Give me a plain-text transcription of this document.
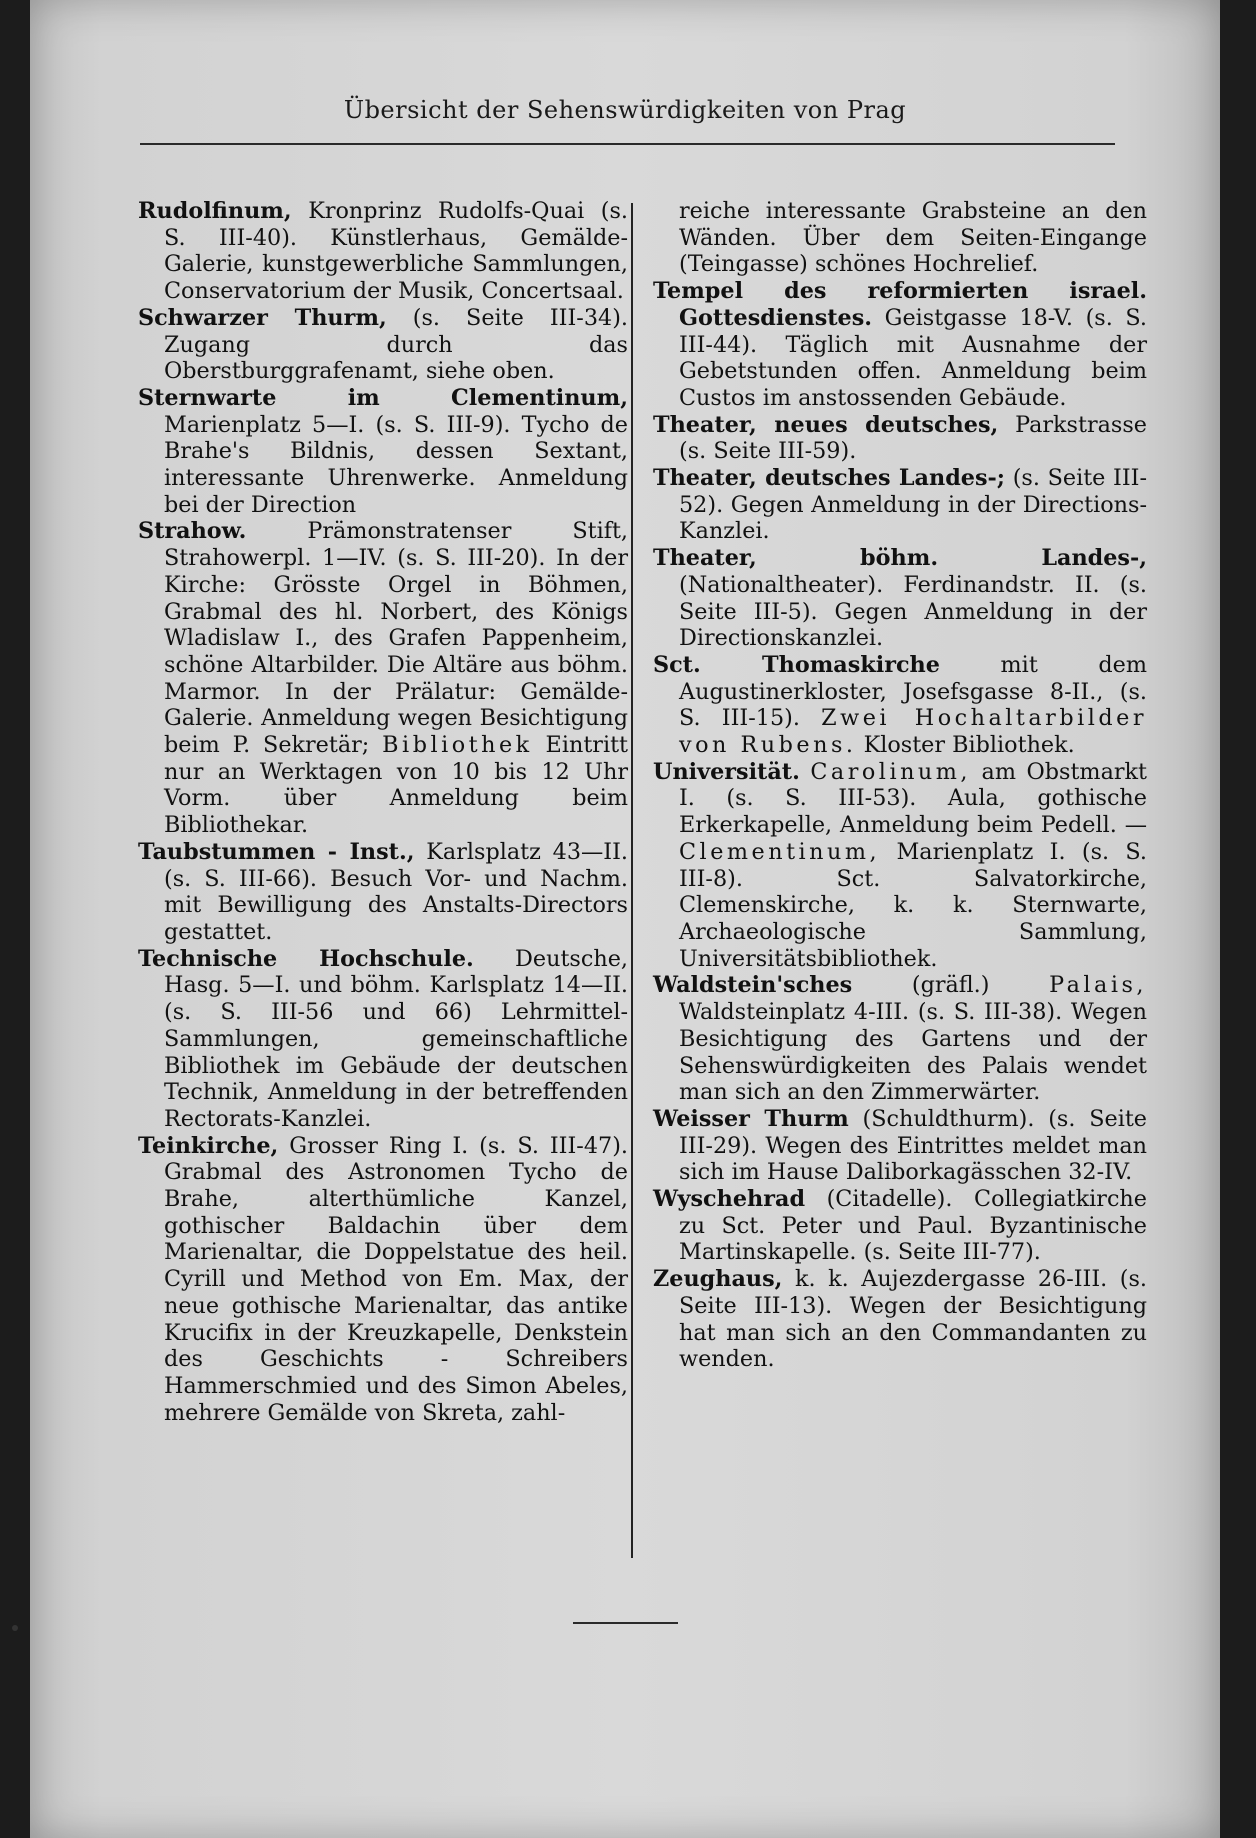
Übersicht der Sehenswürdigkeiten von Prag

Rudolfinum, Kronprinz Rudolfs-Quai (s. S. III-40). Künstlerhaus, Gemälde-Galerie, kunstgewerbliche Sammlungen, Conservatorium der Musik, Concertsaal.

Schwarzer Thurm, (s. Seite III-34). Zugang durch das Oberstburggrafenamt, siehe oben.

Sternwarte im Clementinum, Marienplatz 5—I. (s. S. III-9). Tycho de Brahe's Bildnis, dessen Sextant, interessante Uhrenwerke. Anmeldung bei der Direction

Strahow. Prämonstratenser Stift, Strahowerpl. 1—IV. (s. S. III-20). In der Kirche: Grösste Orgel in Böhmen, Grabmal des hl. Norbert, des Königs Wladislaw I., des Grafen Pappenheim, schöne Altarbilder. Die Altäre aus böhm. Marmor. In der Prälatur: Gemälde-Galerie. Anmeldung wegen Besichtigung beim P. Sekretär; Bibliothek Eintritt nur an Werktagen von 10 bis 12 Uhr Vorm. über Anmeldung beim Bibliothekar.

Taubstummen - Inst., Karlsplatz 43—II. (s. S. III-66). Besuch Vor- und Nachm. mit Bewilligung des Anstalts-Directors gestattet.

Technische Hochschule. Deutsche, Hasg. 5—I. und böhm. Karlsplatz 14—II. (s. S. III-56 und 66) Lehrmittel- Sammlungen, gemeinschaftliche Bibliothek im Gebäude der deutschen Technik, Anmeldung in der betreffenden Rectorats-Kanzlei.

Teinkirche, Grosser Ring I. (s. S. III-47). Grabmal des Astronomen Tycho de Brahe, alterthümliche Kanzel, gothischer Baldachin über dem Marienaltar, die Doppelstatue des heil. Cyrill und Method von Em. Max, der neue gothische Marienaltar, das antike Krucifix in der Kreuzkapelle, Denkstein des Geschichts - Schreibers Hammerschmied und des Simon Abeles, mehrere Gemälde von Skreta, zahl-

reiche interessante Grabsteine an den Wänden. Über dem Seiten-Eingange (Teingasse) schönes Hochrelief.

Tempel des reformierten israel. Gottesdienstes. Geistgasse 18-V. (s. S. III-44). Täglich mit Ausnahme der Gebetstunden offen. Anmeldung beim Custos im anstossenden Gebäude.

Theater, neues deutsches, Parkstrasse (s. Seite III-59).

Theater, deutsches Landes-; (s. Seite III-52). Gegen Anmeldung in der Directions-Kanzlei.

Theater, böhm. Landes-, (Nationaltheater). Ferdinandstr. II. (s. Seite III-5). Gegen Anmeldung in der Directionskanzlei.

Sct. Thomaskirche mit dem Augustinerkloster, Josefsgasse 8-II., (s. S. III-15). Zwei Hochaltarbilder von Rubens. Kloster Bibliothek.

Universität. Carolinum, am Obstmarkt I. (s. S. III-53). Aula, gothische Erkerkapelle, Anmeldung beim Pedell. — Clementinum, Marienplatz I. (s. S. III-8). Sct. Salvatorkirche, Clemenskirche, k. k. Sternwarte, Archaeologische Sammlung, Universitätsbibliothek.

Waldstein'sches (gräfl.) Palais, Waldsteinplatz 4-III. (s. S. III-38). Wegen Besichtigung des Gartens und der Sehenswürdigkeiten des Palais wendet man sich an den Zimmerwärter.

Weisser Thurm (Schuldthurm). (s. Seite III-29). Wegen des Eintrittes meldet man sich im Hause Daliborkagässchen 32-IV.

Wyschehrad (Citadelle). Collegiatkirche zu Sct. Peter und Paul. Byzantinische Martinskapelle. (s. Seite III-77).

Zeughaus, k. k. Aujezdergasse 26-III. (s. Seite III-13). Wegen der Besichtigung hat man sich an den Commandanten zu wenden.
